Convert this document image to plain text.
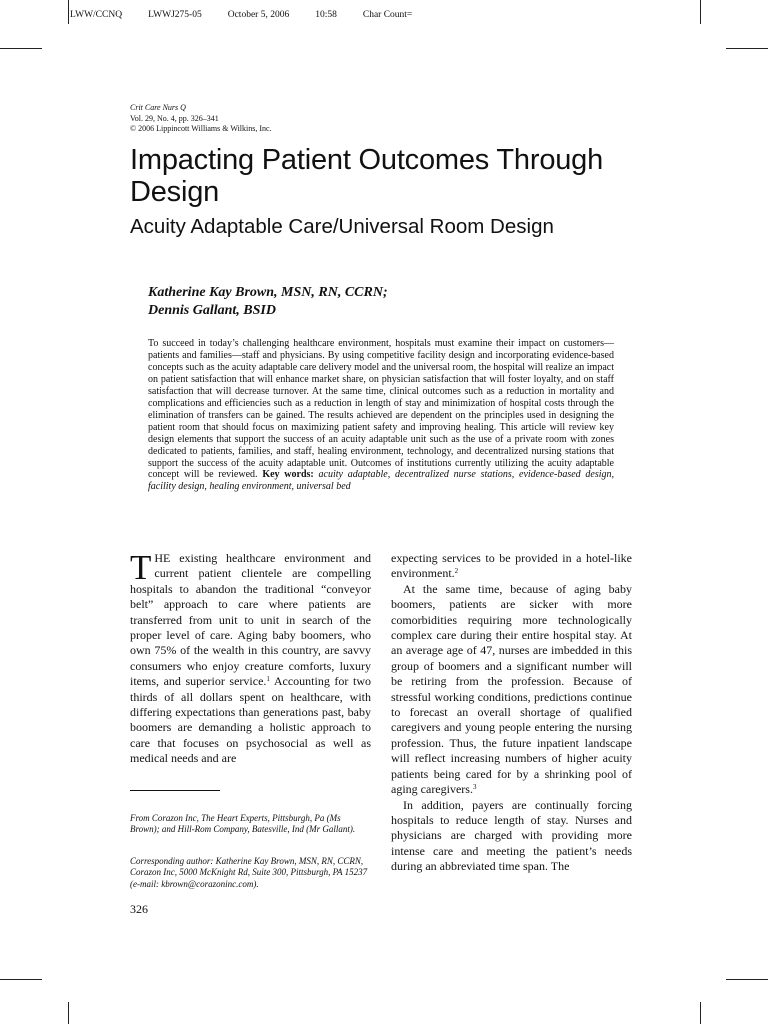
LWW/CCNQ	LWWJ275-05	October 5, 2006	10:58	Char Count=
Crit Care Nurs Q
Vol. 29, No. 4, pp. 326–341
© 2006 Lippincott Williams & Wilkins, Inc.
Impacting Patient Outcomes Through Design
Acuity Adaptable Care/Universal Room Design
Katherine Kay Brown, MSN, RN, CCRN;
Dennis Gallant, BSID

To succeed in today’s challenging healthcare environment, hospitals must examine their impact on customers—patients and families—staff and physicians. By using competitive facility design and incorporating evidence-based concepts such as the acuity adaptable care delivery model and the universal room, the hospital will realize an impact on patient satisfaction that will enhance market share, on physician satisfaction that will foster loyalty, and on staff satisfaction that will decrease turnover. At the same time, clinical outcomes such as a reduction in mortality and complications and efficiencies such as a reduction in length of stay and minimization of hospital costs through the elimination of transfers can be gained. The results achieved are dependent on the principles used in designing the patient room that should focus on maximizing patient safety and improving healing. This article will review key design elements that support the success of an acuity adaptable unit such as the use of a private room with zones dedicated to patients, families, and staff, healing environment, technology, and decentralized nursing stations that support the success of the acuity adaptable unit. Outcomes of institutions currently utilizing the acuity adaptable concept will be reviewed. Key words: acuity adaptable, decentralized nurse stations, evidence-based design, facility design, healing environment, universal bed

THE existing healthcare environment and current patient clientele are compelling hospitals to abandon the traditional “conveyor belt” approach to care where patients are transferred from unit to unit in search of the proper level of care. Aging baby boomers, who own 75% of the wealth in this country, are savvy consumers who enjoy creature comforts, luxury items, and superior service.$^1$ Accounting for two thirds of all dollars spent on healthcare, with differing expectations than generations past, baby boomers are demanding a holistic approach to care that focuses on psychosocial as well as medical needs and are

expecting services to be provided in a hotel-like environment.$^2$

At the same time, because of aging baby boomers, patients are sicker with more comorbidities requiring more technologically complex care during their entire hospital stay. At an average age of 47, nurses are imbedded in this group of boomers and a significant number will be retiring from the profession. Because of stressful working conditions, predictions continue to forecast an overall shortage of qualified caregivers and young people entering the nursing profession. Thus, the future inpatient landscape will reflect increasing numbers of higher acuity patients being cared for by a shrinking pool of aging caregivers.$^3$

In addition, payers are continually forcing hospitals to reduce length of stay. Nurses and physicians are charged with providing more intense care and meeting the patient’s needs during an abbreviated time span. The

From Corazon Inc, The Heart Experts, Pittsburgh, Pa (Ms Brown); and Hill-Rom Company, Batesville, Ind (Mr Gallant).

Corresponding author: Katherine Kay Brown, MSN, RN, CCRN, Corazon Inc, 5000 McKnight Rd, Suite 300, Pittsburgh, PA 15237 (e-mail: kbrown@corazoninc.com).

326
